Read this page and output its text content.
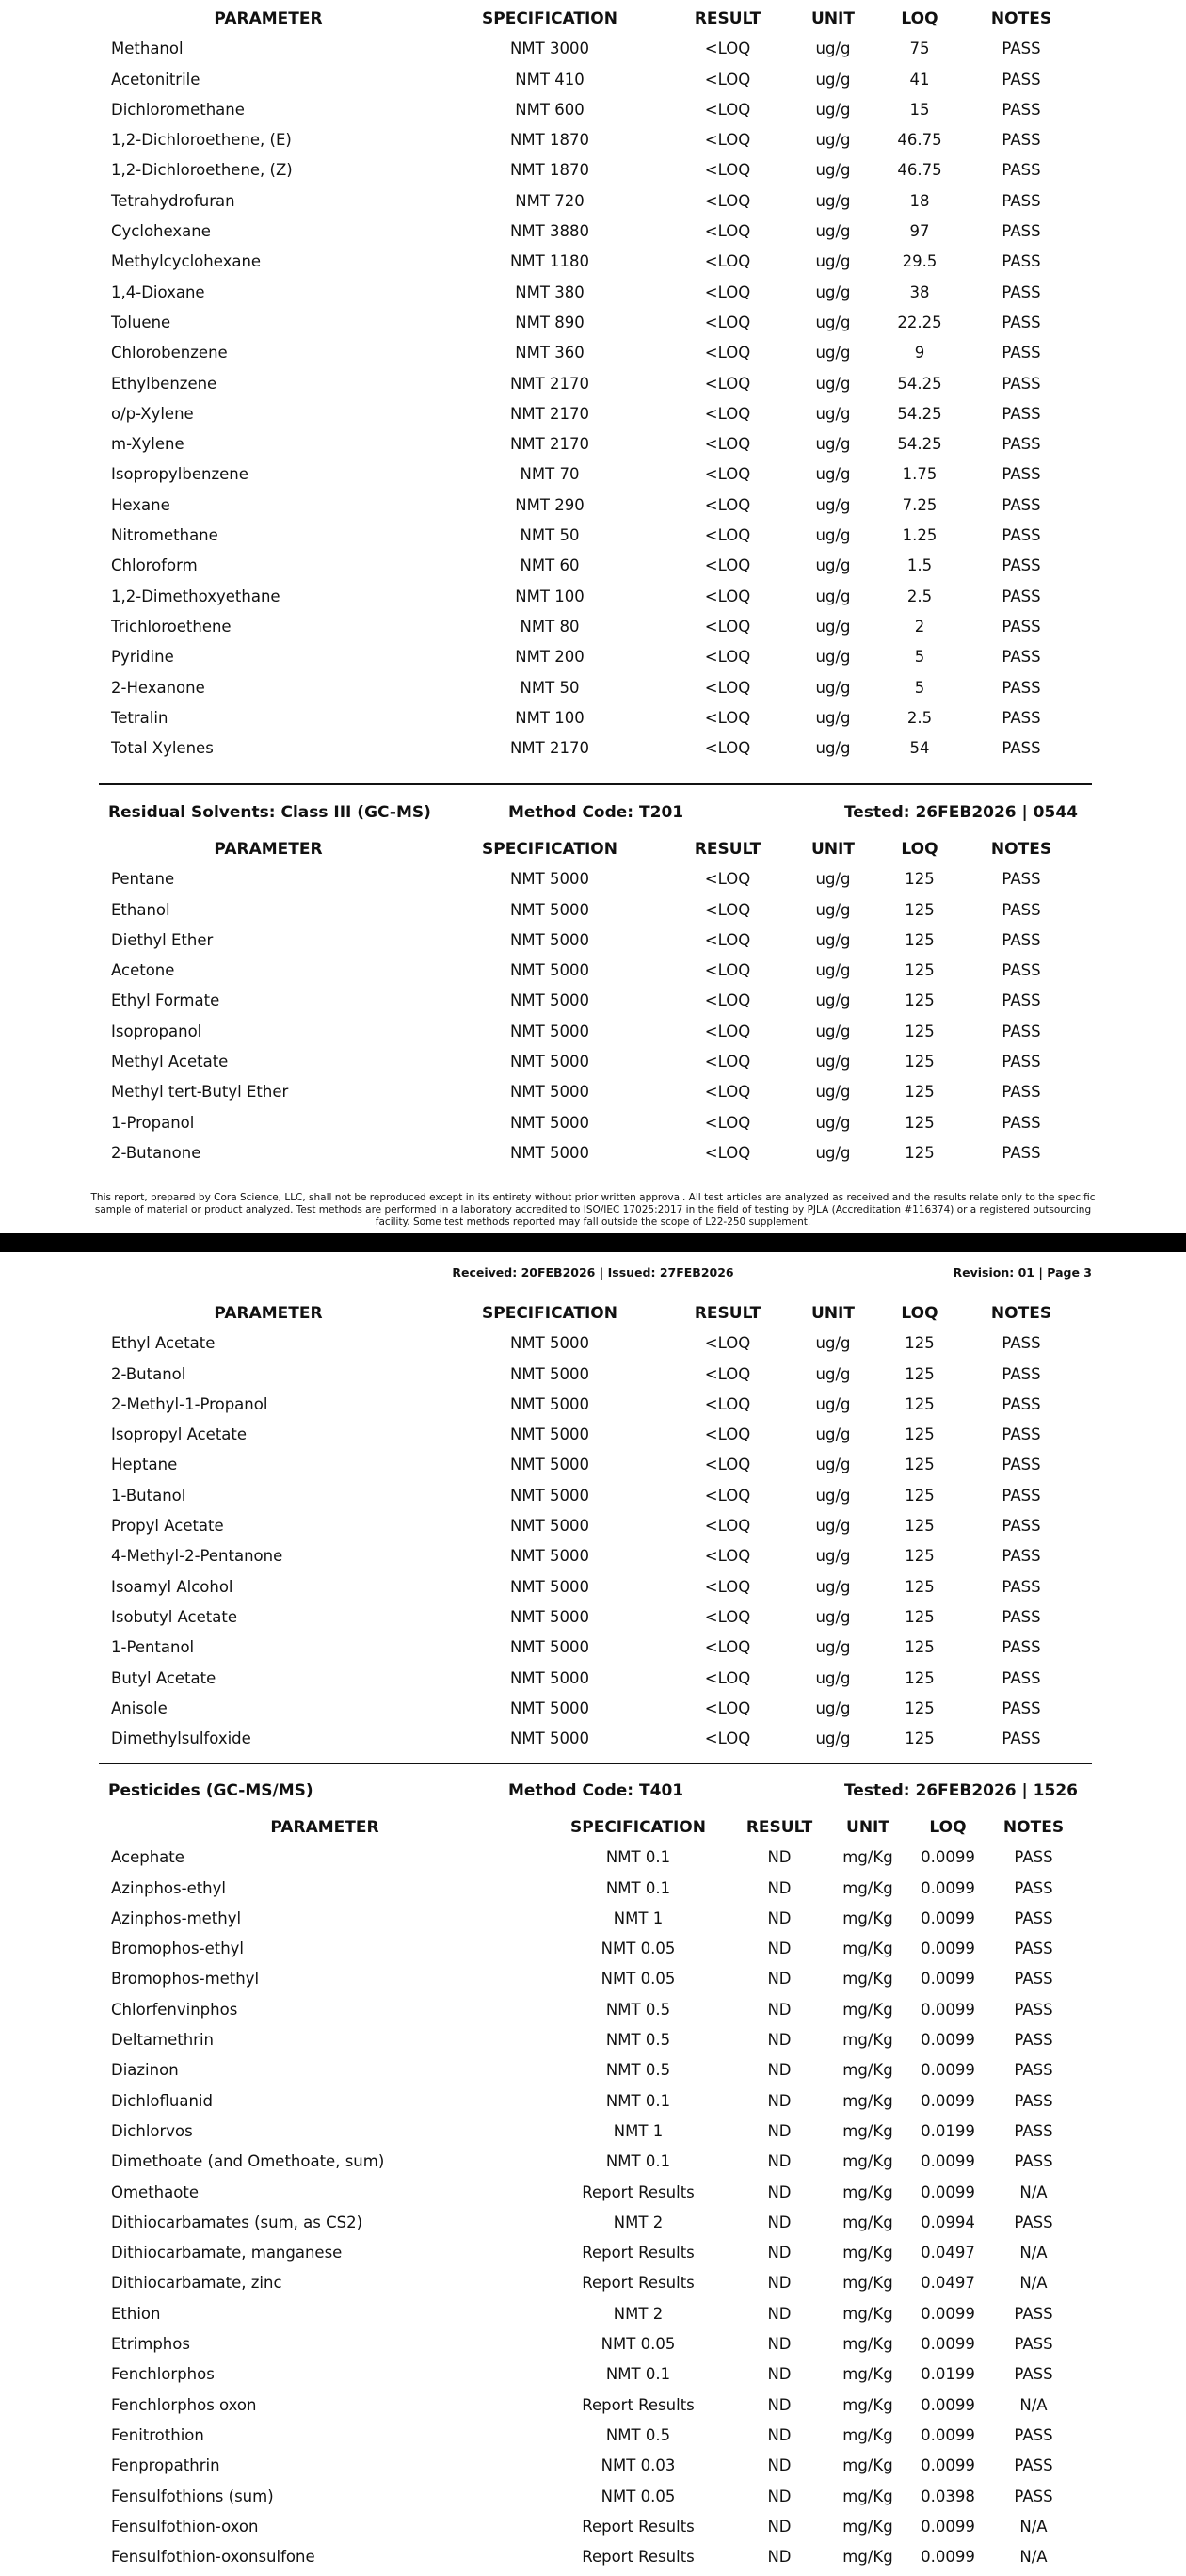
PARAMETER	SPECIFICATION	RESULT	UNIT	LOQ	NOTES
Methanol	NMT 3000	<LOQ	ug/g	75	PASS
Acetonitrile	NMT 410	<LOQ	ug/g	41	PASS
Dichloromethane	NMT 600	<LOQ	ug/g	15	PASS
1,2-Dichloroethene, (E)	NMT 1870	<LOQ	ug/g	46.75	PASS
1,2-Dichloroethene, (Z)	NMT 1870	<LOQ	ug/g	46.75	PASS
Tetrahydrofuran	NMT 720	<LOQ	ug/g	18	PASS
Cyclohexane	NMT 3880	<LOQ	ug/g	97	PASS
Methylcyclohexane	NMT 1180	<LOQ	ug/g	29.5	PASS
1,4-Dioxane	NMT 380	<LOQ	ug/g	38	PASS
Toluene	NMT 890	<LOQ	ug/g	22.25	PASS
Chlorobenzene	NMT 360	<LOQ	ug/g	9	PASS
Ethylbenzene	NMT 2170	<LOQ	ug/g	54.25	PASS
o/p-Xylene	NMT 2170	<LOQ	ug/g	54.25	PASS
m-Xylene	NMT 2170	<LOQ	ug/g	54.25	PASS
Isopropylbenzene	NMT 70	<LOQ	ug/g	1.75	PASS
Hexane	NMT 290	<LOQ	ug/g	7.25	PASS
Nitromethane	NMT 50	<LOQ	ug/g	1.25	PASS
Chloroform	NMT 60	<LOQ	ug/g	1.5	PASS
1,2-Dimethoxyethane	NMT 100	<LOQ	ug/g	2.5	PASS
Trichloroethene	NMT 80	<LOQ	ug/g	2	PASS
Pyridine	NMT 200	<LOQ	ug/g	5	PASS
2-Hexanone	NMT 50	<LOQ	ug/g	5	PASS
Tetralin	NMT 100	<LOQ	ug/g	2.5	PASS
Total Xylenes	NMT 2170	<LOQ	ug/g	54	PASS
Residual Solvents: Class III (GC-MS)	Method Code: T201	Tested: 26FEB2026 | 0544
PARAMETER	SPECIFICATION	RESULT	UNIT	LOQ	NOTES
Pentane	NMT 5000	<LOQ	ug/g	125	PASS
Ethanol	NMT 5000	<LOQ	ug/g	125	PASS
Diethyl Ether	NMT 5000	<LOQ	ug/g	125	PASS
Acetone	NMT 5000	<LOQ	ug/g	125	PASS
Ethyl Formate	NMT 5000	<LOQ	ug/g	125	PASS
Isopropanol	NMT 5000	<LOQ	ug/g	125	PASS
Methyl Acetate	NMT 5000	<LOQ	ug/g	125	PASS
Methyl tert-Butyl Ether	NMT 5000	<LOQ	ug/g	125	PASS
1-Propanol	NMT 5000	<LOQ	ug/g	125	PASS
2-Butanone	NMT 5000	<LOQ	ug/g	125	PASS
This report, prepared by Cora Science, LLC, shall not be reproduced except in its entirety without prior written approval. All test articles are analyzed as received and the results relate only to the specific sample of material or product analyzed. Test methods are performed in a laboratory accredited to ISO/IEC 17025:2017 in the field of testing by PJLA (Accreditation #116374) or a registered outsourcing facility. Some test methods reported may fall outside the scope of L22-250 supplement.
PARAMETER	SPECIFICATION	RESULT	UNIT	LOQ	NOTES
Ethyl Acetate	NMT 5000	<LOQ	ug/g	125	PASS
2-Butanol	NMT 5000	<LOQ	ug/g	125	PASS
2-Methyl-1-Propanol	NMT 5000	<LOQ	ug/g	125	PASS
Isopropyl Acetate	NMT 5000	<LOQ	ug/g	125	PASS
Heptane	NMT 5000	<LOQ	ug/g	125	PASS
1-Butanol	NMT 5000	<LOQ	ug/g	125	PASS
Propyl Acetate	NMT 5000	<LOQ	ug/g	125	PASS
4-Methyl-2-Pentanone	NMT 5000	<LOQ	ug/g	125	PASS
Isoamyl Alcohol	NMT 5000	<LOQ	ug/g	125	PASS
Isobutyl Acetate	NMT 5000	<LOQ	ug/g	125	PASS
1-Pentanol	NMT 5000	<LOQ	ug/g	125	PASS
Butyl Acetate	NMT 5000	<LOQ	ug/g	125	PASS
Anisole	NMT 5000	<LOQ	ug/g	125	PASS
Dimethylsulfoxide	NMT 5000	<LOQ	ug/g	125	PASS
Pesticides (GC-MS/MS)	Method Code: T401	Tested: 26FEB2026 | 1526
PARAMETER	SPECIFICATION	RESULT UNIT LOQ NOTES
Acephate	NMT 0.1	ND	mg/Kg 0.0099	PASS
Azinphos-ethyl	NMT 0.1	ND	mg/Kg 0.0099	PASS
Azinphos-methyl	NMT 1	ND	mg/Kg 0.0099	PASS
Bromophos-ethyl	NMT 0.05	ND	mg/Kg 0.0099	PASS
Bromophos-methyl	NMT 0.05	ND	mg/Kg 0.0099	PASS
Chlorfenvinphos	NMT 0.5	ND	mg/Kg 0.0099	PASS
Deltamethrin	NMT 0.5	ND	mg/Kg 0.0099	PASS
Diazinon	NMT 0.5	ND	mg/Kg 0.0099	PASS
Dichlofluanid	NMT 0.1	ND	mg/Kg 0.0099	PASS
Dichlorvos	NMT 1	ND	mg/Kg 0.0199	PASS
Dimethoate (and Omethoate, sum)	NMT 0.1	ND	mg/Kg 0.0099	PASS
Omethaote	Report Results	ND	mg/Kg 0.0099	N/A
Dithiocarbamates (sum, as CS2)	NMT 2	ND	mg/Kg 0.0994	PASS
Dithiocarbamate, manganese	Report Results	ND	mg/Kg 0.0497	N/A
Dithiocarbamate, zinc	Report Results	ND	mg/Kg 0.0497	N/A
Ethion	NMT 2	ND	mg/Kg 0.0099	PASS
Etrimphos	NMT 0.05	ND	mg/Kg 0.0099	PASS
Fenchlorphos	NMT 0.1	ND	mg/Kg 0.0199	PASS
Fenchlorphos oxon	Report Results	ND	mg/Kg 0.0099	N/A
Fenitrothion	NMT 0.5	ND	mg/Kg 0.0099	PASS
Fenpropathrin	NMT 0.03	ND	mg/Kg 0.0099	PASS
Fensulfothions (sum)	NMT 0.05	ND	mg/Kg 0.0398	PASS
Fensulfothion-oxon	Report Results	ND	mg/Kg 0.0099	N/A
Fensulfothion-oxonsulfone	Report Results	ND	mg/Kg 0.0099	N/A
Received: 20FEB2026 | Issued: 27FEB2026	Revision: 01 | Page 3
